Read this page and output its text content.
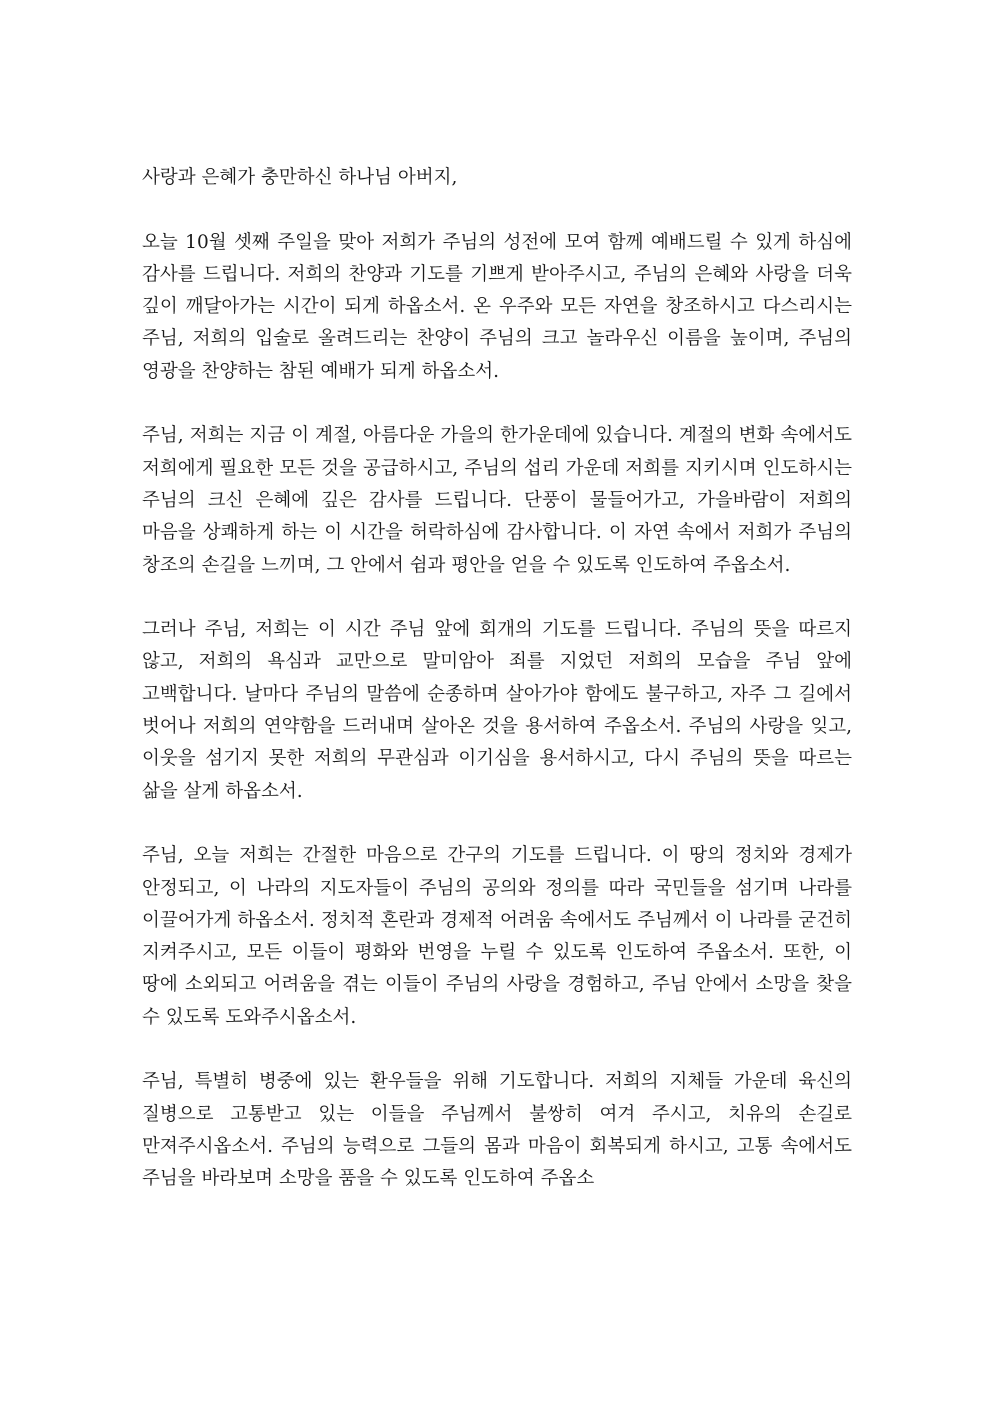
사랑과 은혜가 충만하신 하나님 아버지,

오늘 10월 셋째 주일을 맞아 저희가 주님의 성전에 모여 함께 예배드릴 수 있게 하심에 감사를 드립니다. 저희의 찬양과 기도를 기쁘게 받아주시고, 주님의 은혜와 사랑을 더욱 깊이 깨달아가는 시간이 되게 하옵소서. 온 우주와 모든 자연을 창조하시고 다스리시는 주님, 저희의 입술로 올려드리는 찬양이 주님의 크고 놀라우신 이름을 높이며, 주님의 영광을 찬양하는 참된 예배가 되게 하옵소서.

주님, 저희는 지금 이 계절, 아름다운 가을의 한가운데에 있습니다. 계절의 변화 속에서도 저희에게 필요한 모든 것을 공급하시고, 주님의 섭리 가운데 저희를 지키시며 인도하시는 주님의 크신 은혜에 깊은 감사를 드립니다. 단풍이 물들어가고, 가을바람이 저희의 마음을 상쾌하게 하는 이 시간을 허락하심에 감사합니다. 이 자연 속에서 저희가 주님의 창조의 손길을 느끼며, 그 안에서 쉼과 평안을 얻을 수 있도록 인도하여 주옵소서.

그러나 주님, 저희는 이 시간 주님 앞에 회개의 기도를 드립니다. 주님의 뜻을 따르지 않고, 저희의 욕심과 교만으로 말미암아 죄를 지었던 저희의 모습을 주님 앞에 고백합니다. 날마다 주님의 말씀에 순종하며 살아가야 함에도 불구하고, 자주 그 길에서 벗어나 저희의 연약함을 드러내며 살아온 것을 용서하여 주옵소서. 주님의 사랑을 잊고, 이웃을 섬기지 못한 저희의 무관심과 이기심을 용서하시고, 다시 주님의 뜻을 따르는 삶을 살게 하옵소서.

주님, 오늘 저희는 간절한 마음으로 간구의 기도를 드립니다. 이 땅의 정치와 경제가 안정되고, 이 나라의 지도자들이 주님의 공의와 정의를 따라 국민들을 섬기며 나라를 이끌어가게 하옵소서. 정치적 혼란과 경제적 어려움 속에서도 주님께서 이 나라를 굳건히 지켜주시고, 모든 이들이 평화와 번영을 누릴 수 있도록 인도하여 주옵소서. 또한, 이 땅에 소외되고 어려움을 겪는 이들이 주님의 사랑을 경험하고, 주님 안에서 소망을 찾을 수 있도록 도와주시옵소서.

주님, 특별히 병중에 있는 환우들을 위해 기도합니다. 저희의 지체들 가운데 육신의 질병으로 고통받고 있는 이들을 주님께서 불쌍히 여겨 주시고, 치유의 손길로 만져주시옵소서. 주님의 능력으로 그들의 몸과 마음이 회복되게 하시고, 고통 속에서도 주님을 바라보며 소망을 품을 수 있도록 인도하여 주옵소
